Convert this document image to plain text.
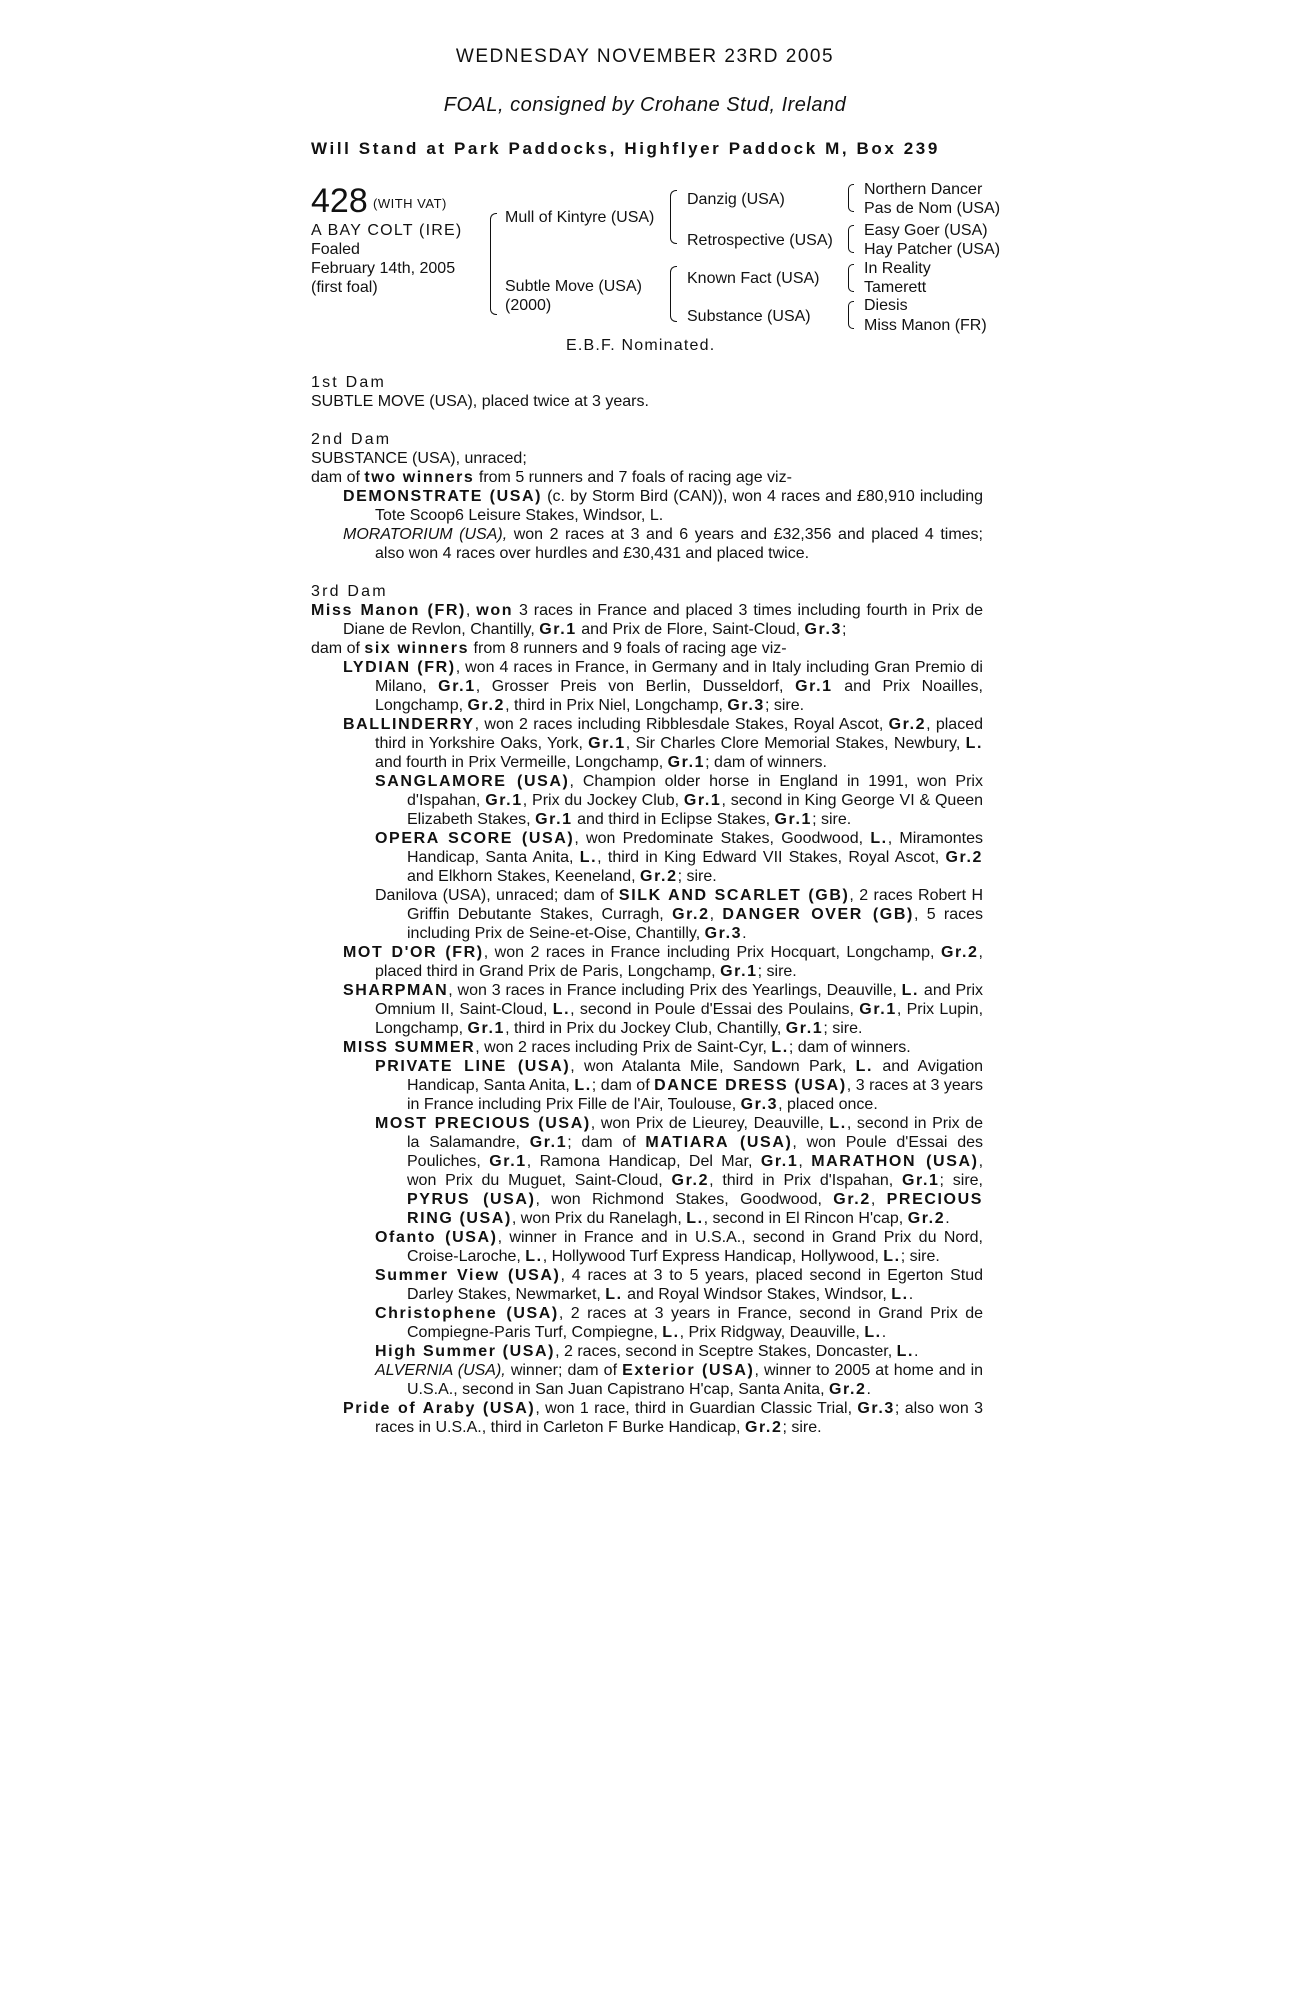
WEDNESDAY NOVEMBER 23RD 2005
FOAL, consigned by Crohane Stud, Ireland
Will Stand at Park Paddocks, Highflyer Paddock M, Box 239
428 (WITH VAT)
A BAY COLT (IRE)
Foaled
February 14th, 2005
(first foal)
Mull of Kintyre (USA)
Subtle Move (USA)
(2000)
Danzig (USA)
Retrospective (USA)
Known Fact (USA)
Substance (USA)
Northern Dancer
Pas de Nom (USA)
Easy Goer (USA)
Hay Patcher (USA)
In Reality
Tamerett
Diesis
Miss Manon (FR)
E.B.F. Nominated.

1st Dam

SUBTLE MOVE (USA), placed twice at 3 years.

2nd Dam

SUBSTANCE (USA), unraced;

dam of two winners from 5 runners and 7 foals of racing age viz-

DEMONSTRATE (USA) (c. by Storm Bird (CAN)), won 4 races and £80,910 including Tote Scoop6 Leisure Stakes, Windsor, L.

MORATORIUM (USA), won 2 races at 3 and 6 years and £32,356 and placed 4 times; also won 4 races over hurdles and £30,431 and placed twice.

3rd Dam

Miss Manon (FR), won 3 races in France and placed 3 times including fourth in Prix de Diane de Revlon, Chantilly, Gr.1 and Prix de Flore, Saint-Cloud, Gr.3;

dam of six winners from 8 runners and 9 foals of racing age viz-

LYDIAN (FR), won 4 races in France, in Germany and in Italy including Gran Premio di Milano, Gr.1, Grosser Preis von Berlin, Dusseldorf, Gr.1 and Prix Noailles, Longchamp, Gr.2, third in Prix Niel, Longchamp, Gr.3; sire.

BALLINDERRY, won 2 races including Ribblesdale Stakes, Royal Ascot, Gr.2, placed third in Yorkshire Oaks, York, Gr.1, Sir Charles Clore Memorial Stakes, Newbury, L. and fourth in Prix Vermeille, Longchamp, Gr.1; dam of winners.

SANGLAMORE (USA), Champion older horse in England in 1991, won Prix d'Ispahan, Gr.1, Prix du Jockey Club, Gr.1, second in King George VI & Queen Elizabeth Stakes, Gr.1 and third in Eclipse Stakes, Gr.1; sire.

OPERA SCORE (USA), won Predominate Stakes, Goodwood, L., Miramontes Handicap, Santa Anita, L., third in King Edward VII Stakes, Royal Ascot, Gr.2 and Elkhorn Stakes, Keeneland, Gr.2; sire.

Danilova (USA), unraced; dam of SILK AND SCARLET (GB), 2 races Robert H Griffin Debutante Stakes, Curragh, Gr.2, DANGER OVER (GB), 5 races including Prix de Seine-et-Oise, Chantilly, Gr.3.

MOT D'OR (FR), won 2 races in France including Prix Hocquart, Longchamp, Gr.2, placed third in Grand Prix de Paris, Longchamp, Gr.1; sire.

SHARPMAN, won 3 races in France including Prix des Yearlings, Deauville, L. and Prix Omnium II, Saint-Cloud, L., second in Poule d'Essai des Poulains, Gr.1, Prix Lupin, Longchamp, Gr.1, third in Prix du Jockey Club, Chantilly, Gr.1; sire.

MISS SUMMER, won 2 races including Prix de Saint-Cyr, L.; dam of winners.

PRIVATE LINE (USA), won Atalanta Mile, Sandown Park, L. and Avigation Handicap, Santa Anita, L.; dam of DANCE DRESS (USA), 3 races at 3 years in France including Prix Fille de l'Air, Toulouse, Gr.3, placed once.

MOST PRECIOUS (USA), won Prix de Lieurey, Deauville, L., second in Prix de la Salamandre, Gr.1; dam of MATIARA (USA), won Poule d'Essai des Pouliches, Gr.1, Ramona Handicap, Del Mar, Gr.1, MARATHON (USA), won Prix du Muguet, Saint-Cloud, Gr.2, third in Prix d'Ispahan, Gr.1; sire, PYRUS (USA), won Richmond Stakes, Goodwood, Gr.2, PRECIOUS RING (USA), won Prix du Ranelagh, L., second in El Rincon H'cap, Gr.2.

Ofanto (USA), winner in France and in U.S.A., second in Grand Prix du Nord, Croise-Laroche, L., Hollywood Turf Express Handicap, Hollywood, L.; sire.

Summer View (USA), 4 races at 3 to 5 years, placed second in Egerton Stud Darley Stakes, Newmarket, L. and Royal Windsor Stakes, Windsor, L..

Christophene (USA), 2 races at 3 years in France, second in Grand Prix de Compiegne-Paris Turf, Compiegne, L., Prix Ridgway, Deauville, L..

High Summer (USA), 2 races, second in Sceptre Stakes, Doncaster, L..

ALVERNIA (USA), winner; dam of Exterior (USA), winner to 2005 at home and in U.S.A., second in San Juan Capistrano H'cap, Santa Anita, Gr.2.

Pride of Araby (USA), won 1 race, third in Guardian Classic Trial, Gr.3; also won 3 races in U.S.A., third in Carleton F Burke Handicap, Gr.2; sire.
